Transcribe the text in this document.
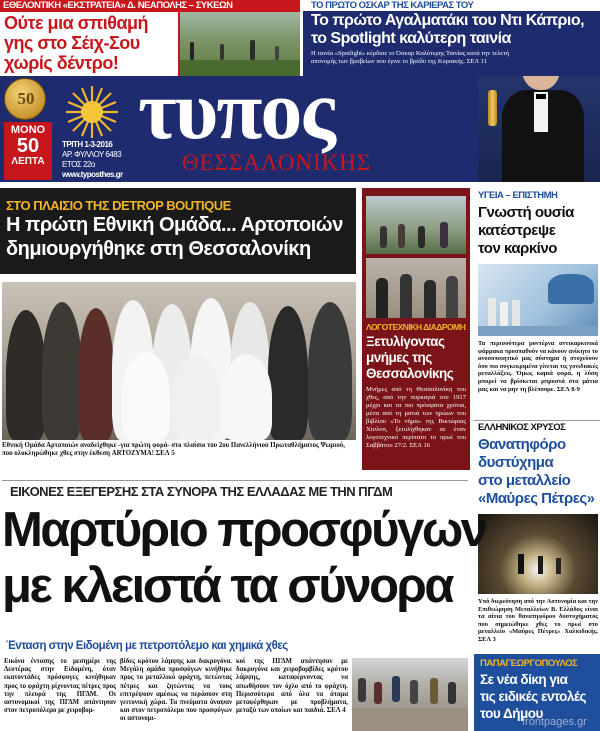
ΕΘΕΛΟΝΤΙΚΗ «ΕΚΣΤΡΑΤΕΙΑ» Δ. ΝΕΑΠΟΛΗΣ – ΣΥΚΕΩΝ
Ούτε μια σπιθαμή
γης στο Σέιχ-Σου
χωρίς δέντρο!
ΤΟ ΠΡΩΤΟ ΟΣΚΑΡ ΤΗΣ ΚΑΡΙΕΡΑΣ ΤΟΥ
Το πρώτο Αγαλματάκι του Ντι Κάπριο,
το Spotlight καλύτερη ταινία
Η ταινία «Spotlight» κέρδισε το Όσκαρ Καλύτερης Ταινίας κατά την τελετή απονομής των βραβείων που έγινε το βράδυ της Κυριακής. ΣΕΛ 11
50
ΜΟΝΟ
50
ΛΕΠΤΑ
ΤΡΙΤΗ 1-3-2016
ΑΡ. ΦΥΛΛΟΥ 6483
ΕΤΟΣ 22ο
www.typosthes.gr
τυπος
ΘΕΣΣΑΛΟΝΙΚΗΣ
ΣΤΟ ΠΛΑΙΣΙΟ ΤΗΣ DETROP BOUTIQUE
Η πρώτη Εθνική Ομάδα... Αρτοποιών
δημιουργήθηκε στη Θεσσαλονίκη
Εθνική Ομάδα Αρτοποιών αναδείχθηκε -για πρώτη φορά- στο πλαίσιο του 2ου Πανελλήνιου Πρωταθλήματος Ψωμιού, που ολοκληρώθηκε χθες στην έκθεση ARTOZYMA! ΣΕΛ 5
ΛΟΓΟΤΕΧΝΙΚΗ ΔΙΑΔΡΟΜΗ
Ξετυλίγοντας
μνήμες της
Θεσσαλονίκης
Μνήμες από τη Θεσσαλονίκη του χθες, από την πυρκαγιά του 1917 μέχρι και τα πιο πρόσφατα χρόνια, μέσα από τη ματιά των ηρώων του βιβλίου «Το νήμα» της Βικτώριας Χίσλοπ, ξετυλίχθηκαν σε έναν λογοτεχνικό περίπατο το πρωί του Σαββάτου 27/2. ΣΕΛ 16
ΥΓΕΙΑ – ΕΠΙΣΤΗΜΗ
Γνωστή ουσία
κατέστρεψε
τον καρκίνο
Τα περισσότερα μοντέρνα αντικαρκινικά φάρμακα προσπαθούν να κάνουν ανίκητο το ανοσοποιητικό μας σύστημα ή στοχεύουν όσο πιο συγκεκριμένα γίνεται τις γονιδιακές μεταλλάξεις. Όμως καμιά φορά, η λύση μπορεί να βρίσκεται μπροστά στα μάτια μας και να μην τη βλέπουμε. ΣΕΛ 8-9
ΕΛΛΗΝΙΚΟΣ ΧΡΥΣΟΣ
Θανατηφόρο
δυστύχημα
στο μεταλλείο
«Μαύρες Πέτρες»
Υπό διερεύνηση από την Αστυνομία και την Επιθεώρηση Μεταλλείων Β. Ελλάδος είναι τα αίτια του θανατηφόρου δυστυχήματος που σημειώθηκε χθες το πρωί στο μεταλλείο «Μαύρες Πέτρες» Χαλκιδικής. ΣΕΛ 3
ΠΑΠΑΓΕΩΡΓΟΠΟΥΛΟΣ
Σε νέα δίκη για
τις ειδικές εντολές
του Δήμου
frontpages.gr
ΕΙΚΟΝΕΣ ΕΞΕΓΕΡΣΗΣ ΣΤΑ ΣΥΝΟΡΑ ΤΗΣ ΕΛΛΑΔΑΣ ΜΕ ΤΗΝ ΠΓΔΜ
Μαρτύριο προσφύγων
με κλειστά τα σύνορα
Ένταση στην Ειδομένη με πετροπόλεμο και χημικά χθες
Εικόνα έντασης το μεσημέρι της Δευτέρας στην Ειδομένη, όταν εκατοντάδες πρόσφυγες κινήθηκαν προς το φράχτη ρίχνοντας πέτρες προς την πλευρά της ΠΓΔΜ. Οι αστυνομικοί της ΠΓΔΜ απάντησαν στον πετροπόλεμο με χειροβομ-
βίδες κρότου λάμψης και δακρυγόνα. Μεγάλη ομάδα προσφύγων κινήθηκε προς το μεταλλικό φράχτη, πετώντας πέτρες και ζητώντας να τους επιτρέψουν αμέσως να περάσουν στη γειτονική χώρα. Τα πνεύματα άναψαν και στον πετροπόλεμο που προσφύγων οι αστυνομι-
κοί της ΠΓΔΜ απάντησαν με δακρυγόνα και χειροβομβίδες κρότου λάμψης, καταφέρνοντας να απωθήσουν τον όχλο από το φράχτη. Περισσότερα από όλα τα άτομα μεταφέρθηκαν με προβλήματα, μεταξύ των οποίων και παιδιά. ΣΕΛ 4
